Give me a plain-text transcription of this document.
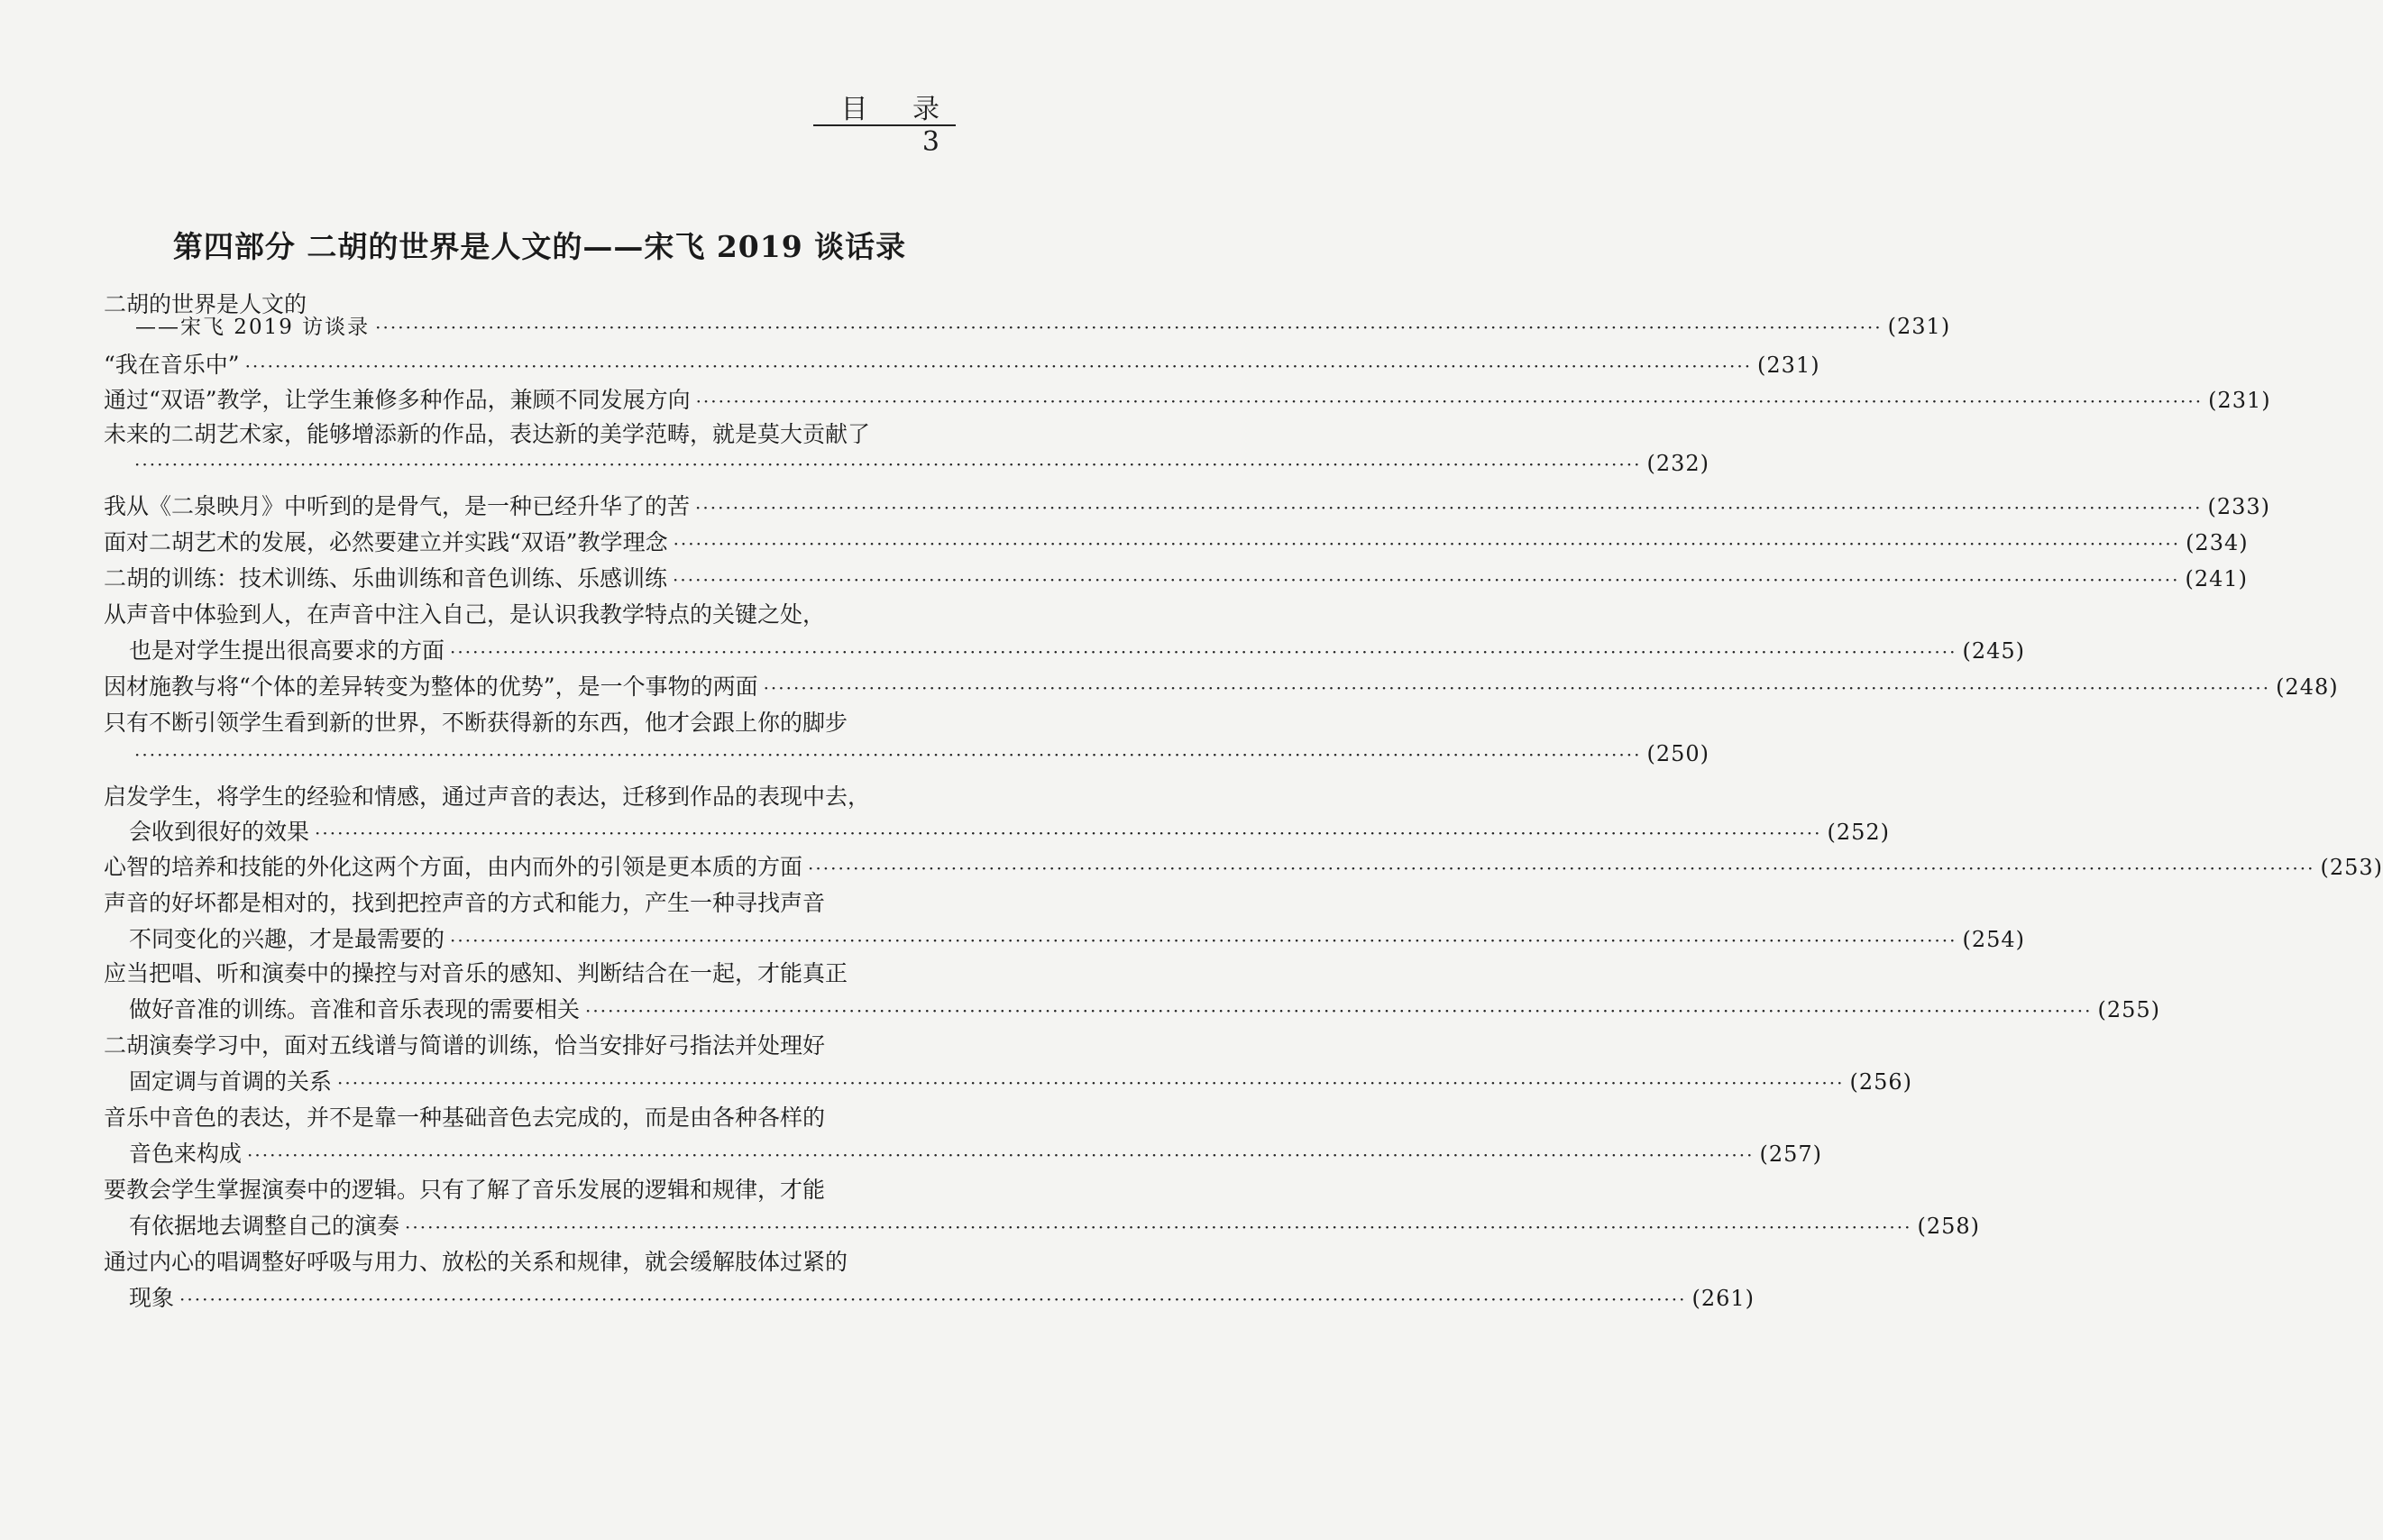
目 录3
第四部分 二胡的世界是人文的——宋飞 2019 谈话录
二胡的世界是人文的
——宋飞 2019 访谈录 ········································································································································································································ (231)
“我在音乐中” ········································································································································································································ (231)
通过“双语”教学，让学生兼修多种作品，兼顾不同发展方向 ········································································································································································································ (231)
未来的二胡艺术家，能够增添新的作品，表达新的美学范畴，就是莫大贡献了
········································································································································································································ (232)
我从《二泉映月》中听到的是骨气，是一种已经升华了的苦 ········································································································································································································ (233)
面对二胡艺术的发展，必然要建立并实践“双语”教学理念 ········································································································································································································ (234)
二胡的训练：技术训练、乐曲训练和音色训练、乐感训练 ········································································································································································································ (241)
从声音中体验到人，在声音中注入自己，是认识我教学特点的关键之处，
也是对学生提出很高要求的方面 ········································································································································································································ (245)
因材施教与将“个体的差异转变为整体的优势”，是一个事物的两面 ········································································································································································································ (248)
只有不断引领学生看到新的世界，不断获得新的东西，他才会跟上你的脚步
········································································································································································································ (250)
启发学生，将学生的经验和情感，通过声音的表达，迁移到作品的表现中去，
会收到很好的效果 ········································································································································································································ (252)
心智的培养和技能的外化这两个方面，由内而外的引领是更本质的方面 ········································································································································································································ (253)
声音的好坏都是相对的，找到把控声音的方式和能力，产生一种寻找声音
不同变化的兴趣，才是最需要的 ········································································································································································································ (254)
应当把唱、听和演奏中的操控与对音乐的感知、判断结合在一起，才能真正
做好音准的训练。音准和音乐表现的需要相关 ········································································································································································································ (255)
二胡演奏学习中，面对五线谱与简谱的训练，恰当安排好弓指法并处理好
固定调与首调的关系 ········································································································································································································ (256)
音乐中音色的表达，并不是靠一种基础音色去完成的，而是由各种各样的
音色来构成 ········································································································································································································ (257)
要教会学生掌握演奏中的逻辑。只有了解了音乐发展的逻辑和规律，才能
有依据地去调整自己的演奏 ········································································································································································································ (258)
通过内心的唱调整好呼吸与用力、放松的关系和规律，就会缓解肢体过紧的
现象 ········································································································································································································ (261)
